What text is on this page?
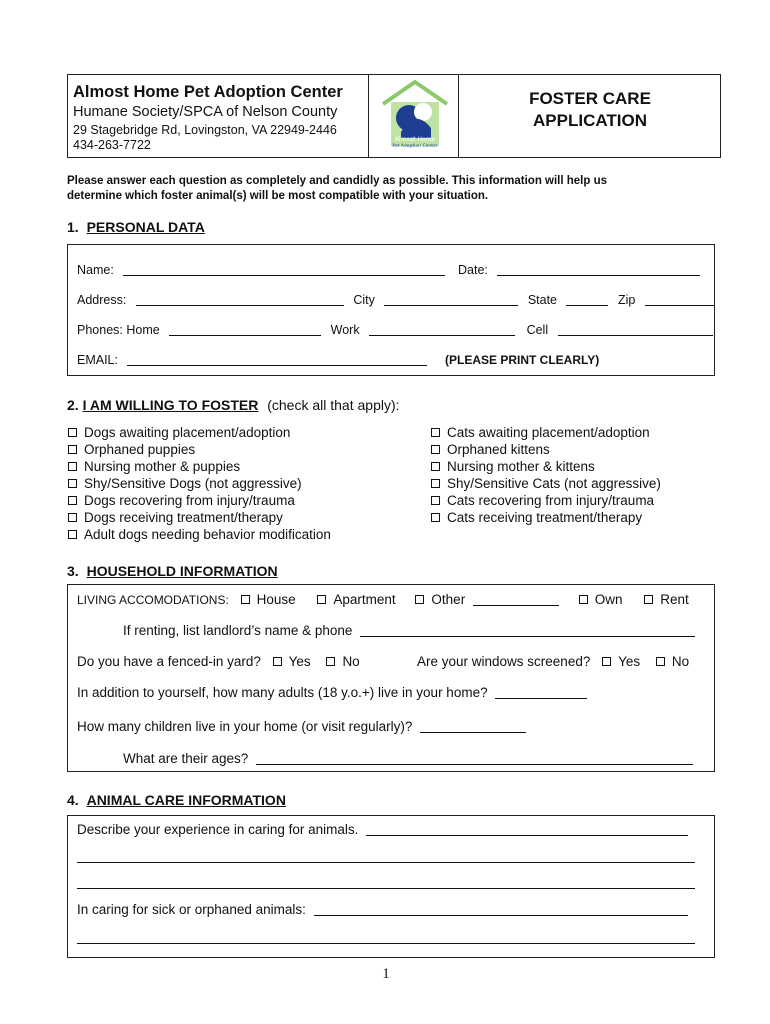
Almost Home Pet Adoption Center
Humane Society/SPCA of Nelson County
29 Stagebridge Rd, Lovingston, VA 22949-2446
434-263-7722	Almost Home
Pet Adoption Center
FOSTER CARE
APPLICATION
Please answer each question as completely and candidly as possible. This information will help us
determine which foster animal(s) will be most compatible with your situation.
1. PERSONAL DATA
Name:	Date:
Address:	City	State	Zip
Phones: Home	Work	Cell
EMAIL:	(PLEASE PRINT CLEARLY)
2. I AM WILLING TO FOSTER (check all that apply):
Dogs awaiting placement/adoption
Orphaned puppies
Nursing mother & puppies
Shy/Sensitive Dogs (not aggressive)
Dogs recovering from injury/trauma
Dogs receiving treatment/therapy
Adult dogs needing behavior modification
Cats awaiting placement/adoption
Orphaned kittens
Nursing mother & kittens
Shy/Sensitive Cats (not aggressive)
Cats recovering from injury/trauma
Cats receiving treatment/therapy
3. HOUSEHOLD INFORMATION
LIVING ACCOMODATIONS: House	Apartment	Other	Own	Rent
If renting, list landlord’s name & phone
Do you have a fenced-in yard? Yes No	Are your windows screened? Yes No
In addition to yourself, how many adults (18 y.o.+) live in your home?
How many children live in your home (or visit regularly)?
What are their ages?
4. ANIMAL CARE INFORMATION
Describe your experience in caring for animals.
In caring for sick or orphaned animals:
1
